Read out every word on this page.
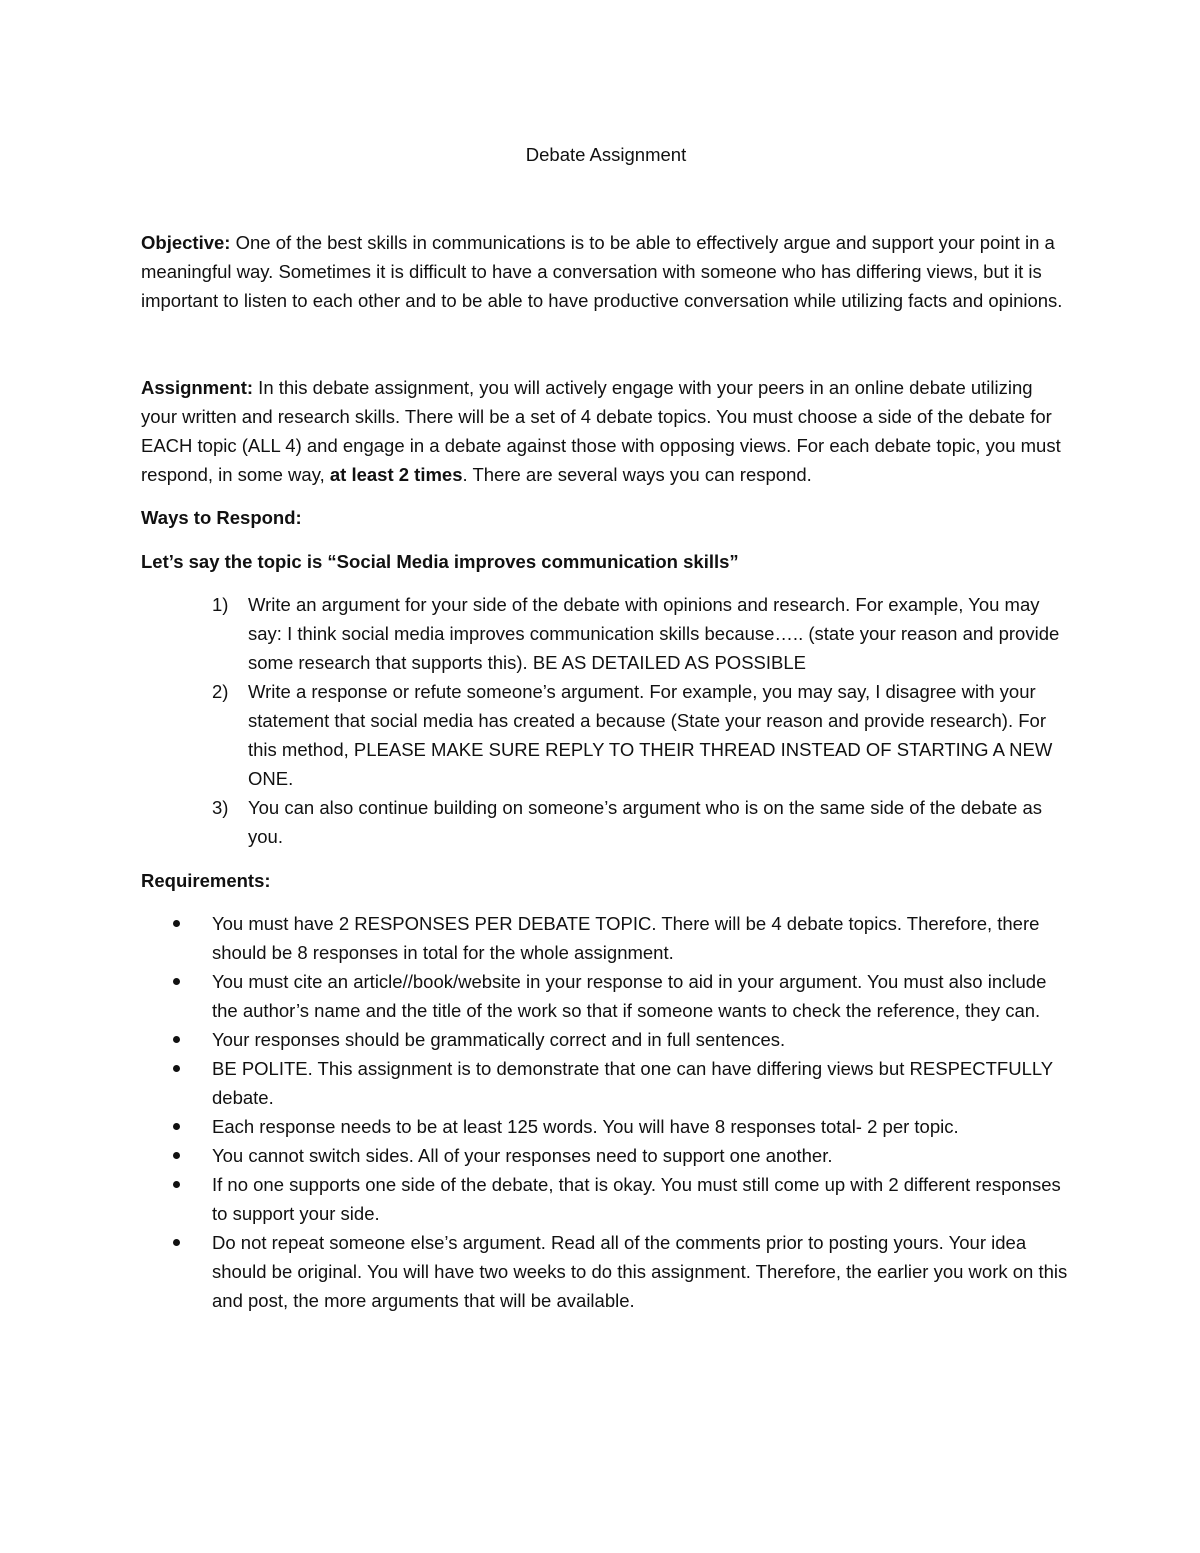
Debate Assignment

Objective: One of the best skills in communications is to be able to effectively argue and support your point in a meaningful way. Sometimes it is difficult to have a conversation with someone who has differing views, but it is important to listen to each other and to be able to have productive conversation while utilizing facts and opinions.

Assignment: In this debate assignment, you will actively engage with your peers in an online debate utilizing your written and research skills. There will be a set of 4 debate topics. You must choose a side of the debate for EACH topic (ALL 4) and engage in a debate against those with opposing views. For each debate topic, you must respond, in some way, at least 2 times. There are several ways you can respond.

Ways to Respond:

Let’s say the topic is “Social Media improves communication skills”

1) Write an argument for your side of the debate with opinions and research. For example, You may say: I think social media improves communication skills because….. (state your reason and provide some research that supports this). BE AS DETAILED AS POSSIBLE
2) Write a response or refute someone’s argument. For example, you may say, I disagree with your statement that social media has created a because (State your reason and provide research). For this method, PLEASE MAKE SURE REPLY TO THEIR THREAD INSTEAD OF STARTING A NEW ONE.
3) You can also continue building on someone’s argument who is on the same side of the debate as you.

Requirements:

You must have 2 RESPONSES PER DEBATE TOPIC. There will be 4 debate topics. Therefore, there should be 8 responses in total for the whole assignment.
You must cite an article//book/website in your response to aid in your argument. You must also include the author’s name and the title of the work so that if someone wants to check the reference, they can.
Your responses should be grammatically correct and in full sentences.
BE POLITE. This assignment is to demonstrate that one can have differing views but RESPECTFULLY debate.
Each response needs to be at least 125 words. You will have 8 responses total- 2 per topic.
You cannot switch sides. All of your responses need to support one another.
If no one supports one side of the debate, that is okay. You must still come up with 2 different responses to support your side.
Do not repeat someone else’s argument. Read all of the comments prior to posting yours. Your idea should be original. You will have two weeks to do this assignment. Therefore, the earlier you work on this and post, the more arguments that will be available.
